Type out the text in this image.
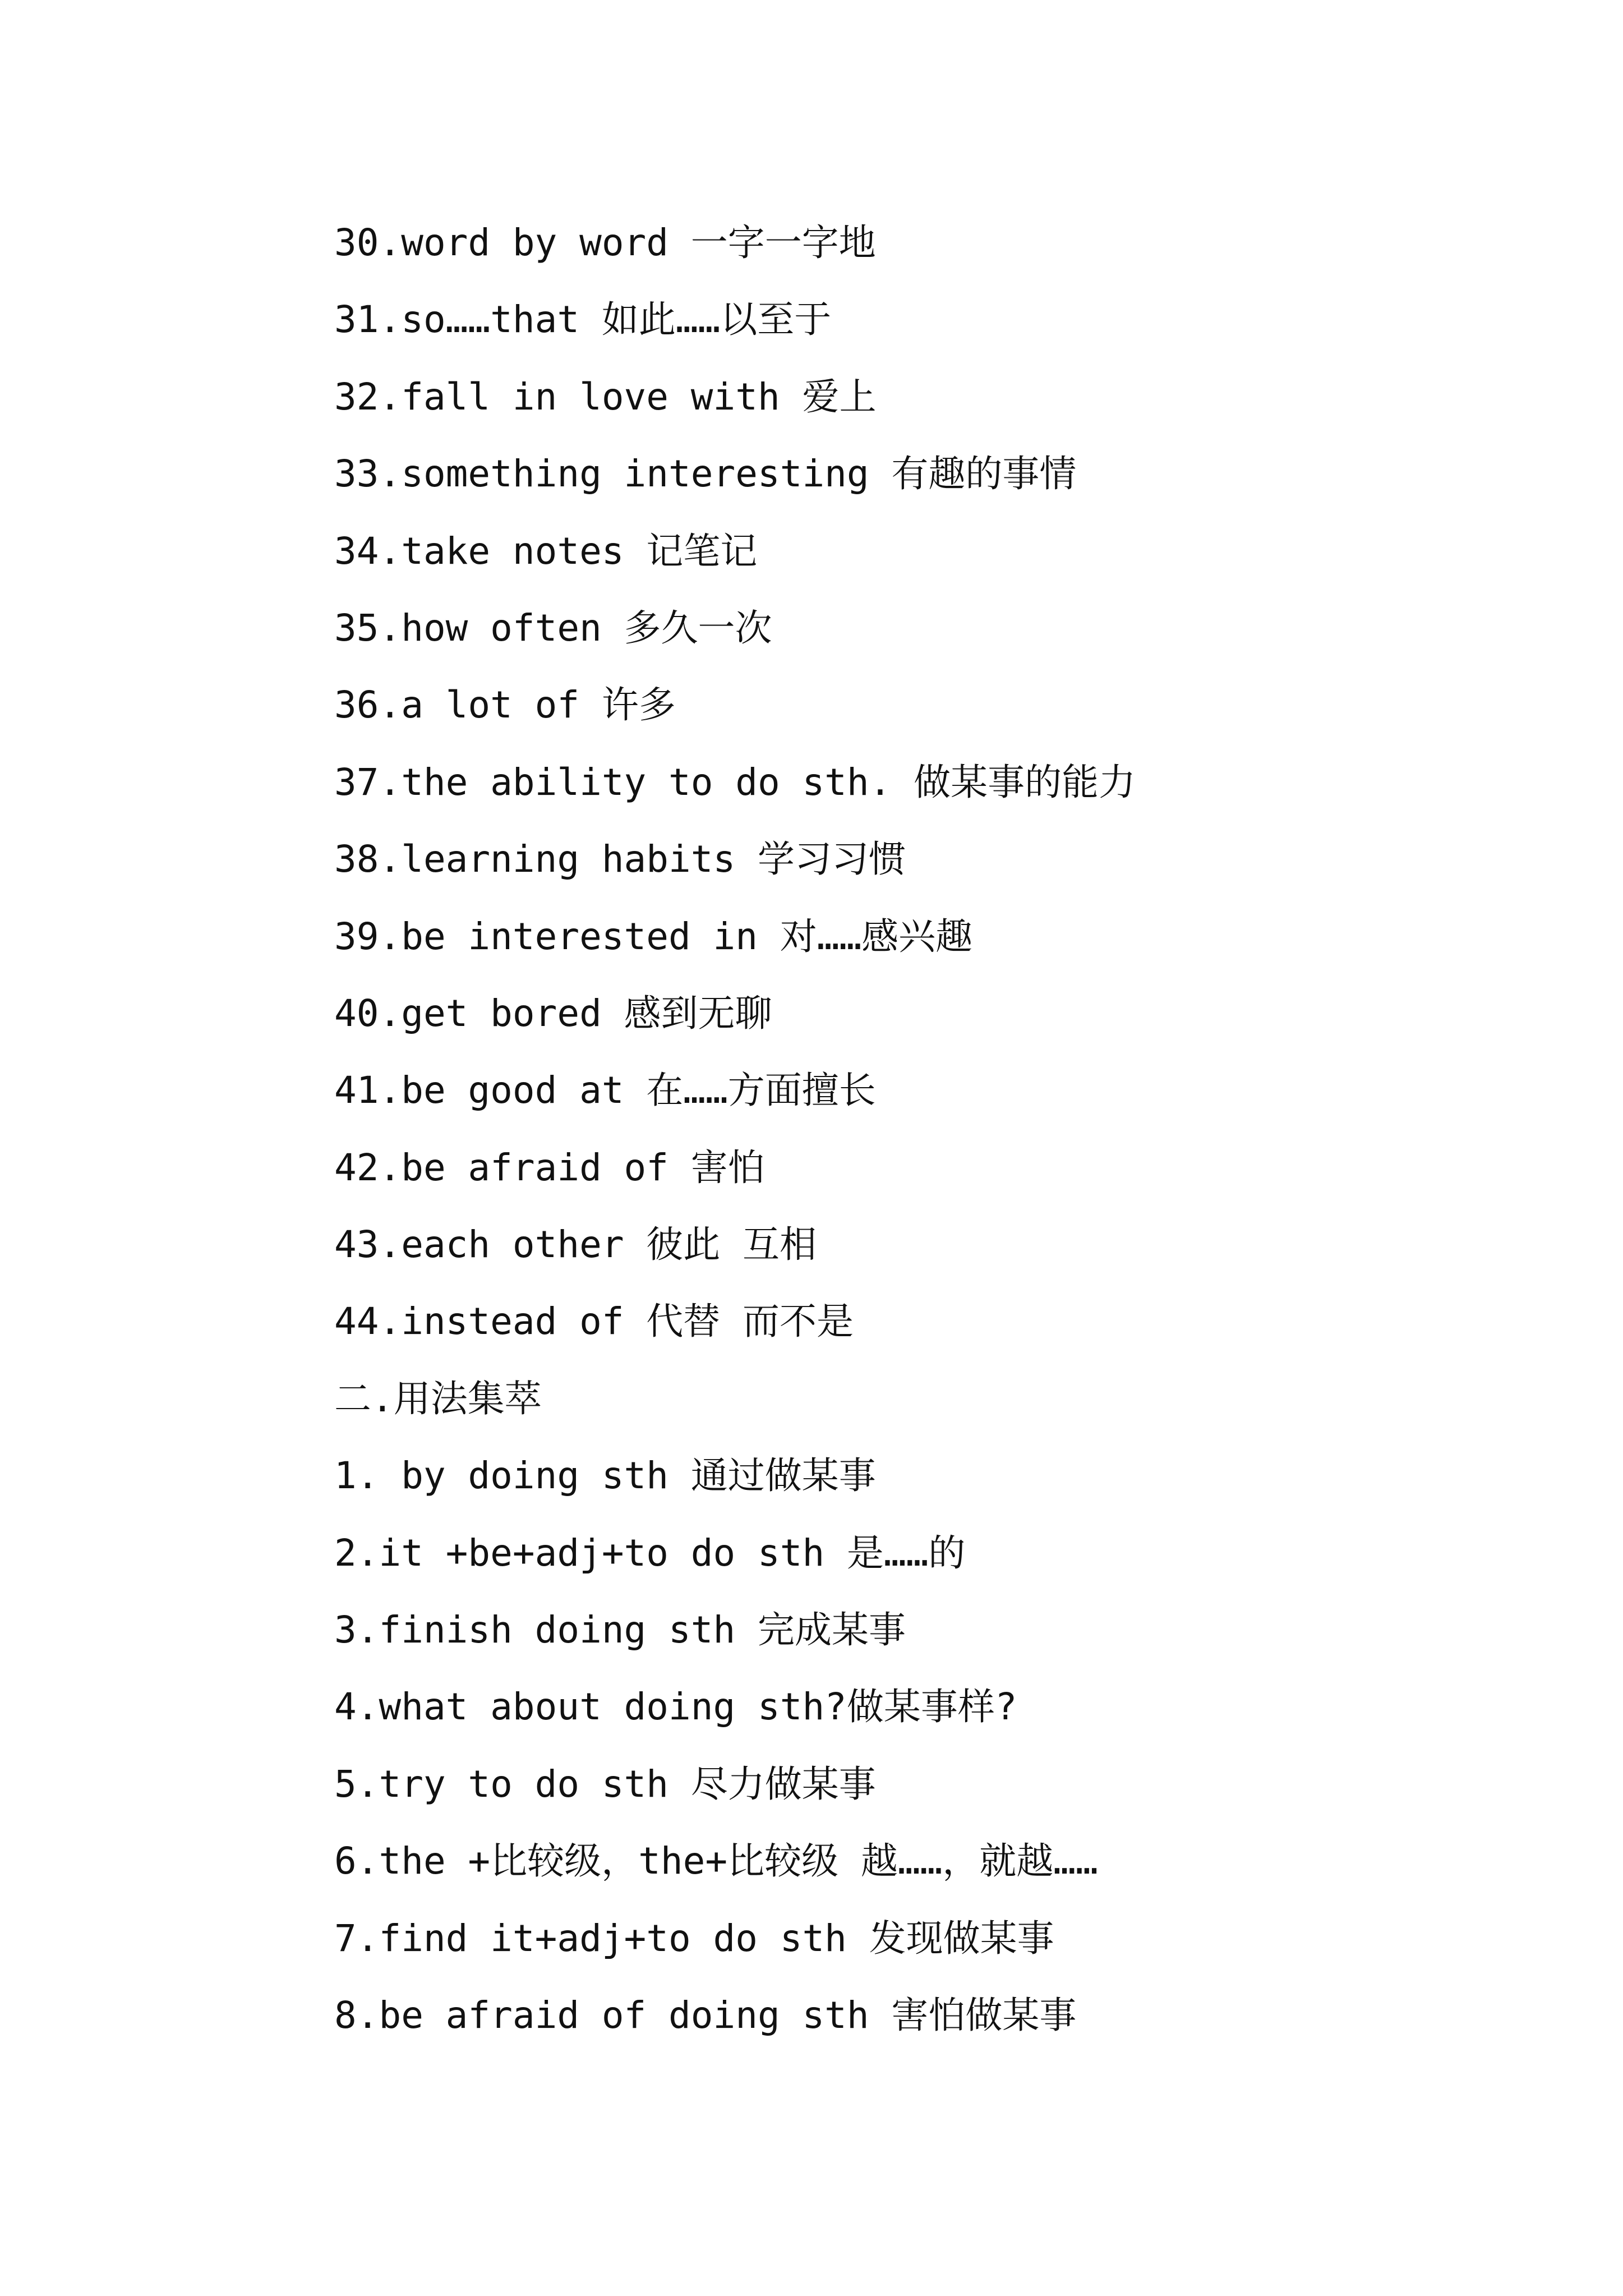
30.word by word 一字一字地
31.so……that 如此……以至于
32.fall in love with 爱上
33.something interesting 有趣的事情
34.take notes 记笔记
35.how often 多久一次
36.a lot of 许多
37.the ability to do sth. 做某事的能力
38.learning habits 学习习惯
39.be interested in 对……感兴趣
40.get bored 感到无聊
41.be good at 在……方面擅长
42.be afraid of 害怕
43.each other 彼此 互相
44.instead of 代替 而不是
二.用法集萃
1. by doing sth 通过做某事
2.it +be+adj+to do sth 是……的
3.finish doing sth 完成某事
4.what about doing sth?做某事样?
5.try to do sth 尽力做某事
6.the +比较级，the+比较级 越……，就越……
7.find it+adj+to do sth 发现做某事
8.be afraid of doing sth 害怕做某事
